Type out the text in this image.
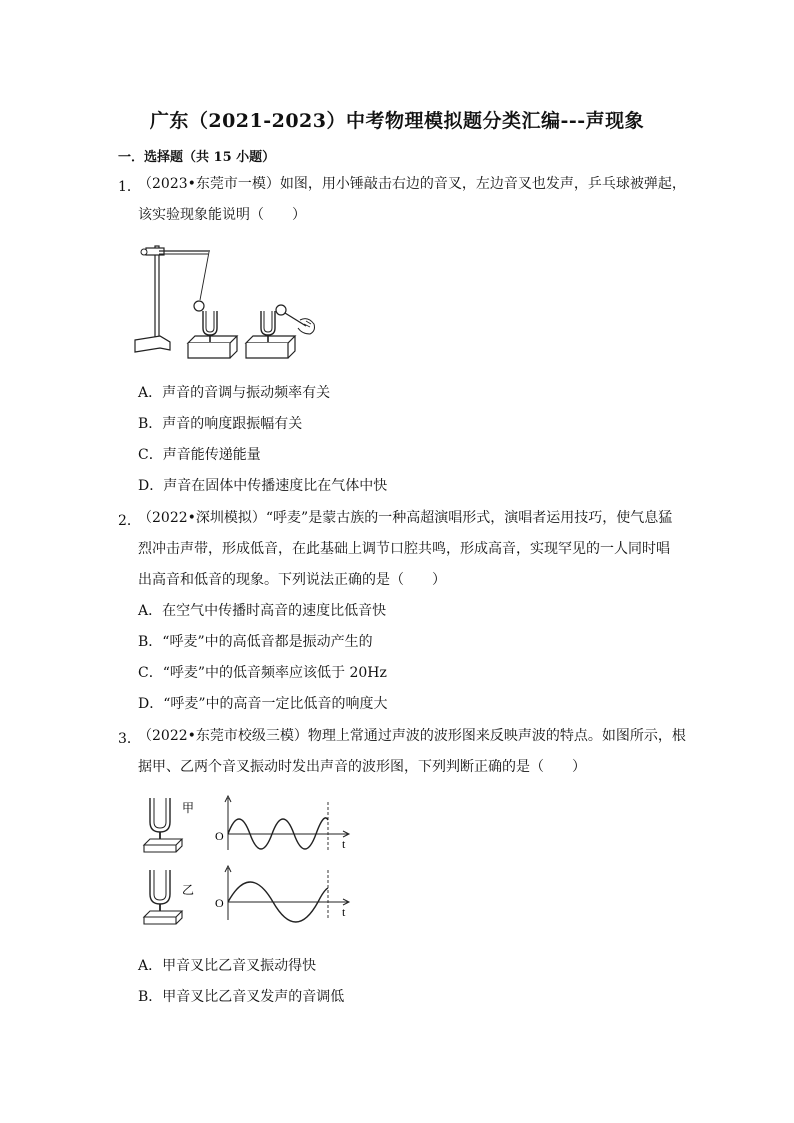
广东（2021-2023）中考物理模拟题分类汇编---声现象
一．选择题（共 15 小题）
1．
（2023•东莞市一模）如图，用小锤敲击右边的音叉，左边音叉也发声，乒乓球被弹起，
该实验现象能说明（　　）
A．声音的音调与振动频率有关
B．声音的响度跟振幅有关
C．声音能传递能量
D．声音在固体中传播速度比在气体中快
2．
（2022•深圳模拟）“呼麦”是蒙古族的一种高超演唱形式，演唱者运用技巧，使气息猛
烈冲击声带，形成低音，在此基础上调节口腔共鸣，形成高音，实现罕见的一人同时唱
出高音和低音的现象。下列说法正确的是（　　）
A．在空气中传播时高音的速度比低音快
B．“呼麦”中的高低音都是振动产生的
C．“呼麦”中的低音频率应该低于 20Hz
D．“呼麦”中的高音一定比低音的响度大
3．
（2022•东莞市校级三模）物理上常通过声波的波形图来反映声波的特点。如图所示，根
据甲、乙两个音叉振动时发出声音的波形图，下列判断正确的是（　　）
甲
O
t
乙
O
t
A．甲音叉比乙音叉振动得快
B．甲音叉比乙音叉发声的音调低
